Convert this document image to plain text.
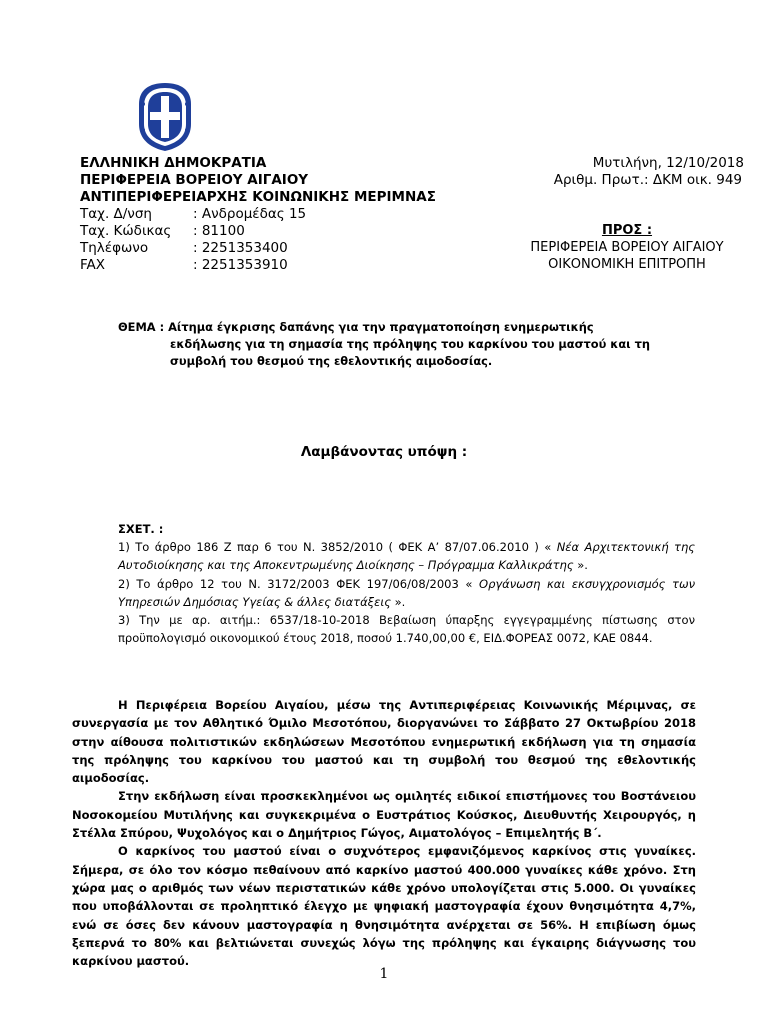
ΕΛΛΗΝΙΚΗ ΔΗΜΟΚΡΑΤΙΑ
ΠΕΡΙΦΕΡΕΙΑ ΒΟΡΕΙΟΥ ΑΙΓΑΙΟΥ
ΑΝΤΙΠΕΡΙΦΕΡΕΙΑΡΧΗΣ ΚΟΙΝΩΝΙΚΗΣ ΜΕΡΙΜΝΑΣ
Ταχ. Δ/νση	: Ανδρομέδας 15
Ταχ. Κώδικας : 81100
Τηλέφωνο	: 2251353400
FAX	: 2251353910
Μυτιλήνη, 12/10/2018
Αριθμ. Πρωτ.: ΔΚΜ οικ. 949
ΠΡΟΣ :
ΠΕΡΙΦΕΡΕΙΑ ΒΟΡΕΙΟΥ ΑΙΓΑΙΟΥ
ΟΙΚΟΝΟΜΙΚΗ ΕΠΙΤΡΟΠΗ
ΘΕΜΑ : Αίτημα έγκρισης δαπάνης για την πραγματοποίηση ενημερωτικής
εκδήλωσης για τη σημασία της πρόληψης του καρκίνου του μαστού και τη
συμβολή του θεσμού της εθελοντικής αιμοδοσίας.
Λαμβάνοντας υπόψη :
ΣΧΕΤ. :
1) Το άρθρο 186 Ζ παρ 6 του Ν. 3852/2010 ( ΦΕΚ Α’ 87/07.06.2010 ) « Νέα Αρχιτεκτονική της Αυτοδιοίκησης και της Αποκεντρωμένης Διοίκησης – Πρόγραμμα Καλλικράτης ».
2) Το άρθρο 12 του Ν. 3172/2003 ΦΕΚ 197/06/08/2003 « Οργάνωση και εκσυγχρονισμός των Υπηρεσιών Δημόσιας Υγείας & άλλες διατάξεις ».
3) Την με αρ. αιτήμ.: 6537/18-10-2018 Βεβαίωση ύπαρξης εγγεγραμμένης πίστωσης στον προϋπολογισμό οικονομικού έτους 2018, ποσού 1.740,00,00 €, ΕΙΔ.ΦΟΡΕΑΣ 0072, ΚΑΕ 0844.

Η Περιφέρεια Βορείου Αιγαίου, μέσω της Αντιπεριφέρειας Κοινωνικής Μέριμνας, σε συνεργασία με τον Αθλητικό Όμιλο Μεσοτόπου, διοργανώνει το Σάββατο 27 Οκτωβρίου 2018 στην αίθουσα πολιτιστικών εκδηλώσεων Μεσοτόπου ενημερωτική εκδήλωση για τη σημασία της πρόληψης του καρκίνου του μαστού και τη συμβολή του θεσμού της εθελοντικής αιμοδοσίας.

Στην εκδήλωση είναι προσκεκλημένοι ως ομιλητές ειδικοί επιστήμονες του Βοστάνειου Νοσοκομείου Μυτιλήνης και συγκεκριμένα ο Ευστράτιος Κούσκος, Διευθυντής Χειρουργός, η Στέλλα Σπύρου, Ψυχολόγος και ο Δημήτριος Γώγος, Αιματολόγος – Επιμελητής Β΄.

Ο καρκίνος του μαστού είναι ο συχνότερος εμφανιζόμενος καρκίνος στις γυναίκες. Σήμερα, σε όλο τον κόσμο πεθαίνουν από καρκίνο μαστού 400.000 γυναίκες κάθε χρόνο. Στη χώρα μας ο αριθμός των νέων περιστατικών κάθε χρόνο υπολογίζεται στις 5.000. Οι γυναίκες που υποβάλλονται σε προληπτικό έλεγχο με ψηφιακή μαστογραφία έχουν θνησιμότητα 4,7%, ενώ σε όσες δεν κάνουν μαστογραφία η θνησιμότητα ανέρχεται σε 56%. Η επιβίωση όμως ξεπερνά το 80% και βελτιώνεται συνεχώς λόγω της πρόληψης και έγκαιρης διάγνωσης του καρκίνου μαστού.

1
